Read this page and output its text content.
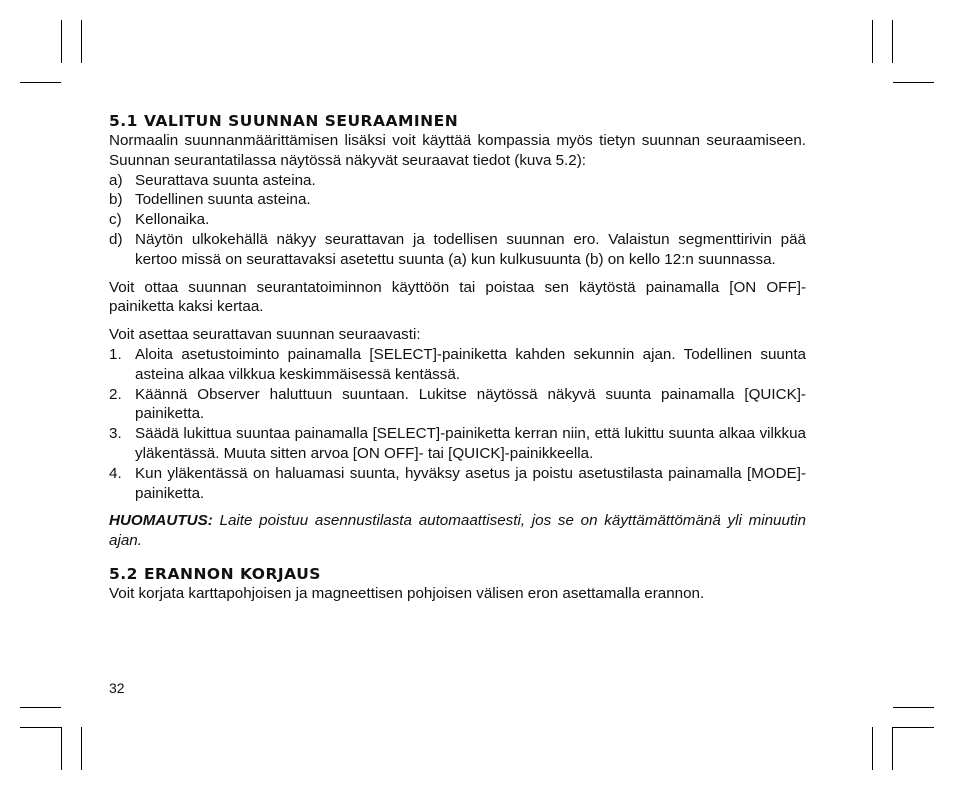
5.1 VALITUN SUUNNAN SEURAAMINEN

Normaalin suunnanmäärittämisen lisäksi voit käyttää kompassia myös tietyn suunnan seuraamiseen. Suunnan seurantatilassa näytössä näkyvät seuraavat tiedot (kuva 5.2):

a) Seurattava suunta asteina.
b) Todellinen suunta asteina.
c) Kellonaika.
d) Näytön ulkokehällä näkyy seurattavan ja todellisen suunnan ero. Valaistun segmenttirivin pää kertoo missä on seurattavaksi asetettu suunta (a) kun kulkusuunta (b) on kello 12:n suunnassa.

Voit ottaa suunnan seurantatoiminnon käyttöön tai poistaa sen käytöstä painamalla [ON OFF]-painiketta kaksi kertaa.

Voit asettaa seurattavan suunnan seuraavasti:

1. Aloita asetustoiminto painamalla [SELECT]-painiketta kahden sekunnin ajan. Todellinen suunta asteina alkaa vilkkua keskimmäisessä kentässä.
2. Käännä Observer haluttuun suuntaan. Lukitse näytössä näkyvä suunta painamalla [QUICK]-painiketta.
3. Säädä lukittua suuntaa painamalla [SELECT]-painiketta kerran niin, että lukittu suunta alkaa vilkkua yläkentässä. Muuta sitten arvoa [ON OFF]- tai [QUICK]-painikkeella.
4. Kun yläkentässä on haluamasi suunta, hyväksy asetus ja poistu asetustilasta painamalla [MODE]-painiketta.

HUOMAUTUS: Laite poistuu asennustilasta automaattisesti, jos se on käyttämättömänä yli minuutin ajan.

5.2 ERANNON KORJAUS

Voit korjata karttapohjoisen ja magneettisen pohjoisen välisen eron asettamalla erannon.

32
